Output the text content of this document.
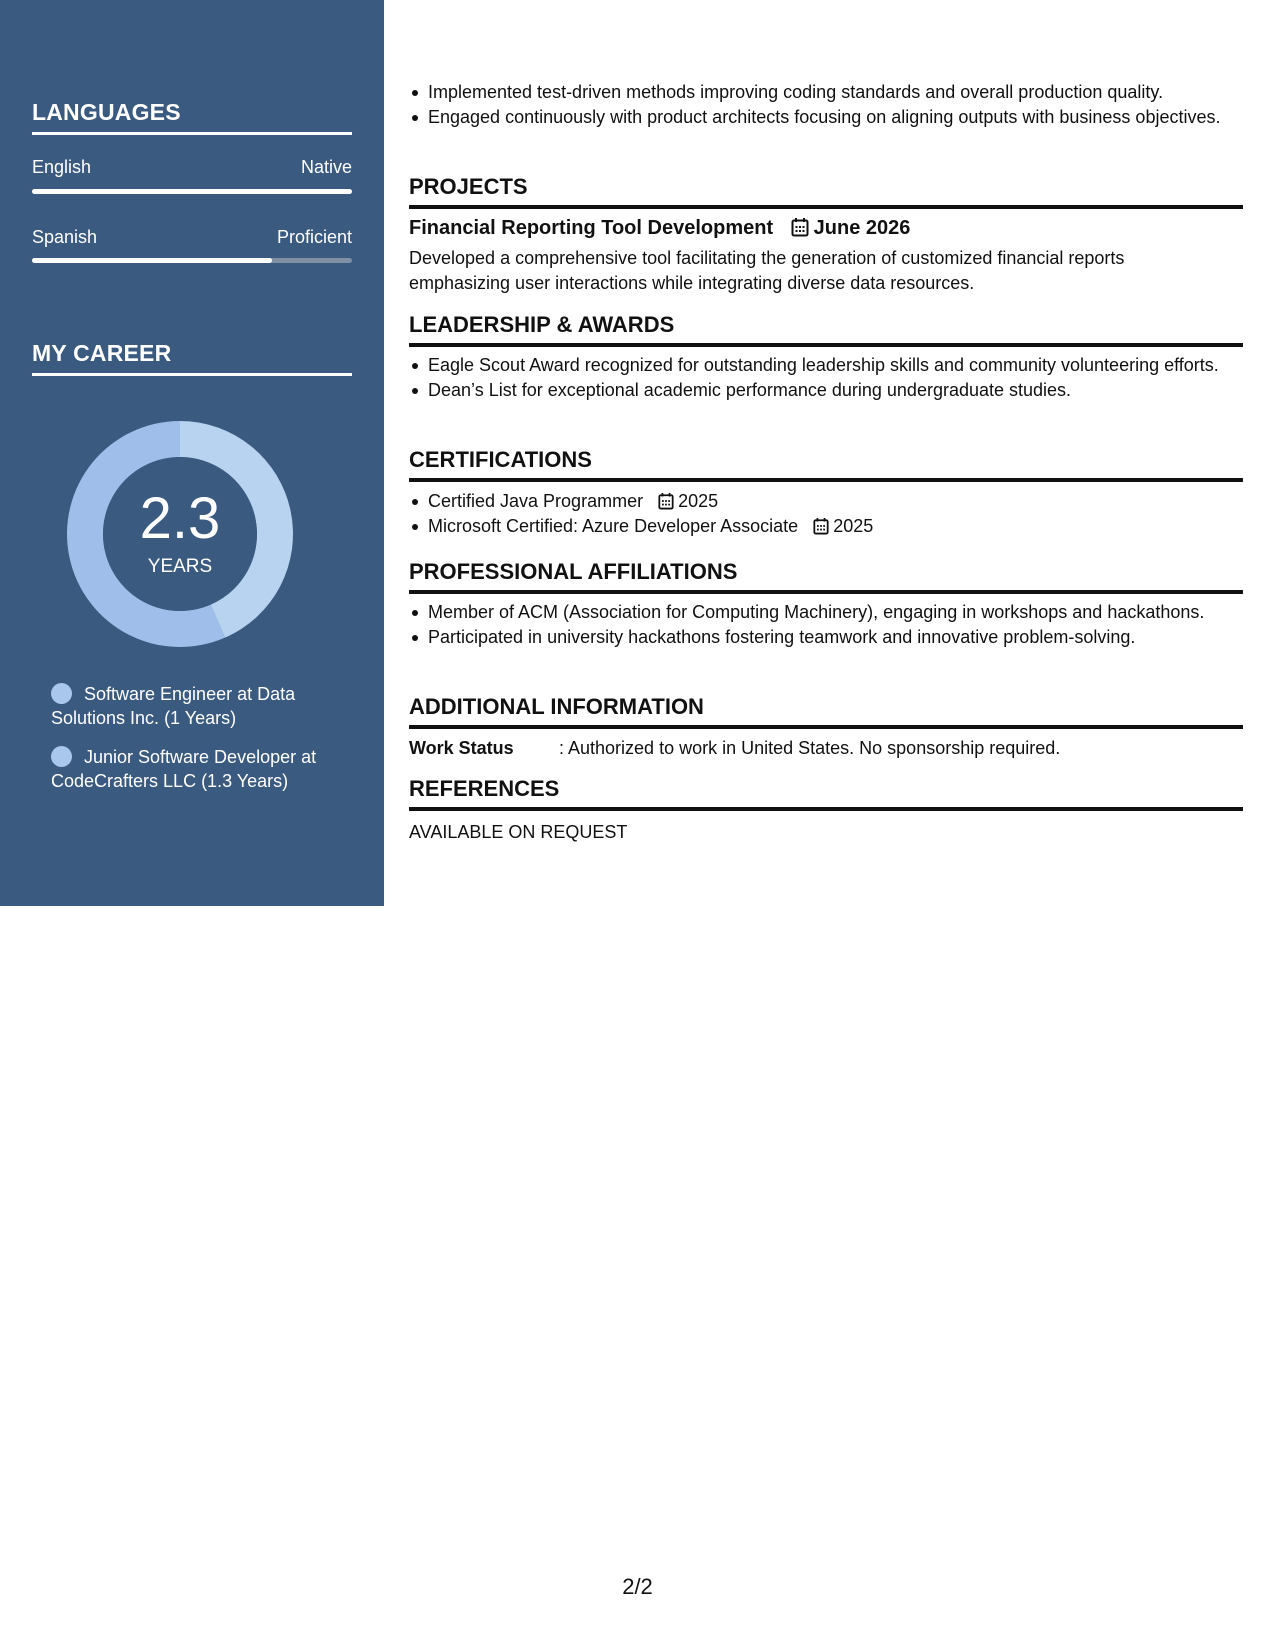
LANGUAGES
English	Native
Spanish	Proficient
MY CAREER
2.3
YEARS
Software Engineer at Data Solutions Inc. (1 Years)
Junior Software Developer at CodeCrafters LLC (1.3 Years)
Implemented test-driven methods improving coding standards and overall production quality.
Engaged continuously with product architects focusing on aligning outputs with business objectives.
PROJECTS
Financial Reporting Tool Development June 2026
Developed a comprehensive tool facilitating the generation of customized financial reports emphasizing user interactions while integrating diverse data resources.
LEADERSHIP & AWARDS
Eagle Scout Award recognized for outstanding leadership skills and community volunteering efforts.
Dean’s List for exceptional academic performance during undergraduate studies.
CERTIFICATIONS
Certified Java Programmer 2025
Microsoft Certified: Azure Developer Associate 2025
PROFESSIONAL AFFILIATIONS
Member of ACM (Association for Computing Machinery), engaging in workshops and hackathons.
Participated in university hackathons fostering teamwork and innovative problem-solving.
ADDITIONAL INFORMATION
Work Status	: Authorized to work in United States. No sponsorship required.
REFERENCES
AVAILABLE ON REQUEST
2/2
